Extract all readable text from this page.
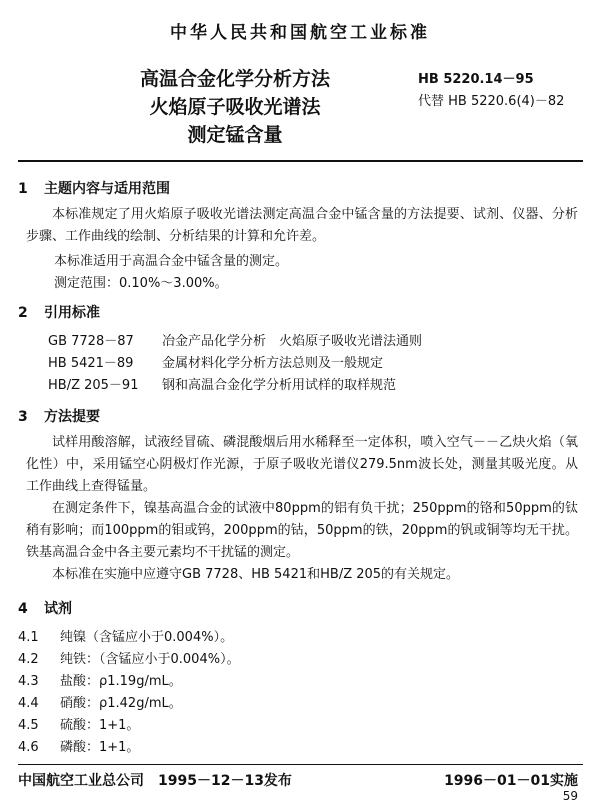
中华人民共和国航空工业标准
高温合金化学分析方法
火焰原子吸收光谱法
测定锰含量
HB 5220.14－95
代替 HB 5220.6(4)－82
1 主题内容与适用范围
本标准规定了用火焰原子吸收光谱法测定高温合金中锰含量的方法提要、试剂、仪器、分析步骤、工作曲线的绘制、分析结果的计算和允许差。
本标准适用于高温合金中锰含量的测定。
测定范围：0.10%～3.00%。
2 引用标准
GB 7728－87 冶金产品化学分析　火焰原子吸收光谱法通则
HB 5421－89 金属材料化学分析方法总则及一般规定
HB/Z 205－91 钢和高温合金化学分析用试样的取样规范
3 方法提要
试样用酸溶解，试液经冒硫、磷混酸烟后用水稀释至一定体积，喷入空气－－乙炔火焰（氧化性）中，采用锰空心阴极灯作光源，于原子吸收光谱仪279.5nm波长处，测量其吸光度。从工作曲线上查得锰量。
在测定条件下，镍基高温合金的试液中80ppm的铝有负干扰；250ppm的铬和50ppm的钛稍有影响；而100ppm的钼或钨，200ppm的钴，50ppm的铁，20ppm的钒或铜等均无干扰。铁基高温合金中各主要元素均不干扰锰的测定。
本标准在实施中应遵守GB 7728、HB 5421和HB/Z 205的有关规定。
4 试剂
4.1 纯镍（含锰应小于0.004%）。
4.2 纯铁：（含锰应小于0.004%）。
4.3 盐酸：ρ1.19g/mL。
4.4 硝酸：ρ1.42g/mL。
4.5 硫酸：1+1。
4.6 磷酸：1+1。
中国航空工业总公司　1995－12－13发布	1996－01－01实施
59
